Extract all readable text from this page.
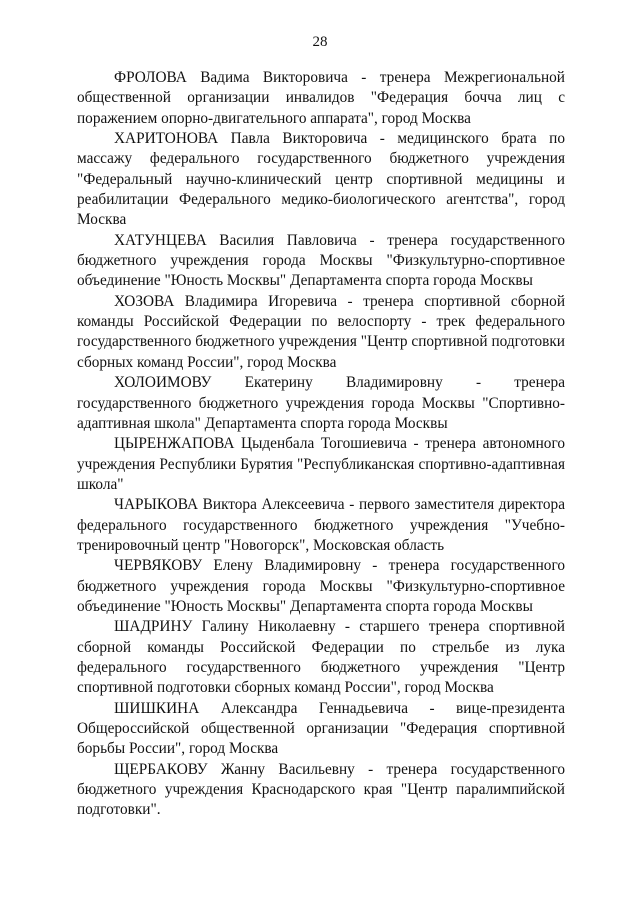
28

ФРОЛОВА Вадима Викторовича - тренера Межрегиональной общественной организации инвалидов "Федерация бочча лиц с поражением опорно-двигательного аппарата", город Москва

ХАРИТОНОВА Павла Викторовича - медицинского брата по массажу федерального государственного бюджетного учреждения "Федеральный научно-клинический центр спортивной медицины и реабилитации Федерального медико-биологического агентства", город Москва

ХАТУНЦЕВА Василия Павловича - тренера государственного бюджетного учреждения города Москвы "Физкультурно-спортивное объединение "Юность Москвы" Департамента спорта города Москвы

ХОЗОВА Владимира Игоревича - тренера спортивной сборной команды Российской Федерации по велоспорту - трек федерального государственного бюджетного учреждения "Центр спортивной подготовки сборных команд России", город Москва

ХОЛОИМОВУ Екатерину Владимировну - тренера государственного бюджетного учреждения города Москвы "Спортивно-адаптивная школа" Департамента спорта города Москвы

ЦЫРЕНЖАПОВА Цыденбала Тогошиевича - тренера автономного учреждения Республики Бурятия "Республиканская спортивно-адаптивная школа"

ЧАРЫКОВА Виктора Алексеевича - первого заместителя директора федерального государственного бюджетного учреждения "Учебно-тренировочный центр "Новогорск", Московская область

ЧЕРВЯКОВУ Елену Владимировну - тренера государственного бюджетного учреждения города Москвы "Физкультурно-спортивное объединение "Юность Москвы" Департамента спорта города Москвы

ШАДРИНУ Галину Николаевну - старшего тренера спортивной сборной команды Российской Федерации по стрельбе из лука федерального государственного бюджетного учреждения "Центр спортивной подготовки сборных команд России", город Москва

ШИШКИНА Александра Геннадьевича - вице-президента Общероссийской общественной организации "Федерация спортивной борьбы России", город Москва

ЩЕРБАКОВУ Жанну Васильевну - тренера государственного бюджетного учреждения Краснодарского края "Центр паралимпийской подготовки".
